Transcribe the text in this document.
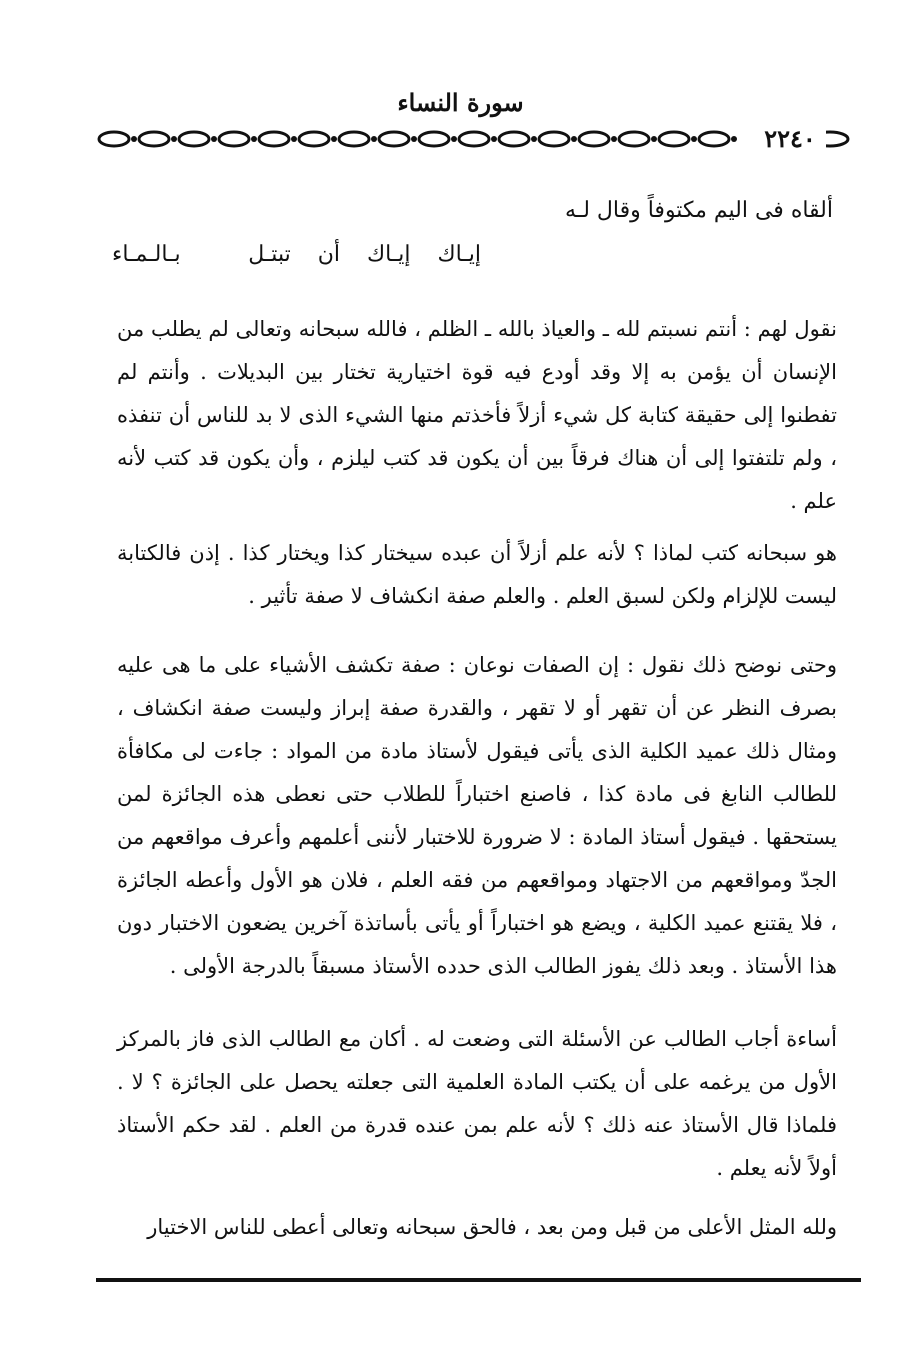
سورة النساء
٢٢٤٠
ألقاه فى اليم مكتوفاً وقال لـه
إيـاك إيـاك أن تبتـل
بـالـمـاء

نقول لهم : أنتم نسبتم لله ـ والعياذ بالله ـ الظلم ، فالله سبحانه وتعالى لم يطلب من الإنسان أن يؤمن به إلا وقد أودع فيه قوة اختيارية تختار بين البديلات . وأنتم لم تفطنوا إلى حقيقة كتابة كل شيء أزلاً فأخذتم منها الشيء الذى لا بد للناس أن تنفذه ، ولم تلتفتوا إلى أن هناك فرقاً بين أن يكون قد كتب ليلزم ، وأن يكون قد كتب لأنه علم .

هو سبحانه كتب لماذا ؟ لأنه علم أزلاً أن عبده سيختار كذا ويختار كذا . إذن فالكتابة ليست للإلزام ولكن لسبق العلم . والعلم صفة انكشاف لا صفة تأثير .

وحتى نوضح ذلك نقول : إن الصفات نوعان : صفة تكشف الأشياء على ما هى عليه بصرف النظر عن أن تقهر أو لا تقهر ، والقدرة صفة إبراز وليست صفة انكشاف ، ومثال ذلك عميد الكلية الذى يأتى فيقول لأستاذ مادة من المواد : جاءت لى مكافأة للطالب النابغ فى مادة كذا ، فاصنع اختباراً للطلاب حتى نعطى هذه الجائزة لمن يستحقها . فيقول أستاذ المادة : لا ضرورة للاختبار لأننى أعلمهم وأعرف مواقعهم من الجدّ ومواقعهم من الاجتهاد ومواقعهم من فقه العلم ، فلان هو الأول وأعطه الجائزة ، فلا يقتنع عميد الكلية ، ويضع هو اختباراً أو يأتى بأساتذة آخرين يضعون الاختبار دون هذا الأستاذ . وبعد ذلك يفوز الطالب الذى حدده الأستاذ مسبقاً بالدرجة الأولى .

أساءة أجاب الطالب عن الأسئلة التى وضعت له . أكان مع الطالب الذى فاز بالمركز الأول من يرغمه على أن يكتب المادة العلمية التى جعلته يحصل على الجائزة ؟ لا . فلماذا قال الأستاذ عنه ذلك ؟ لأنه علم بمن عنده قدرة من العلم . لقد حكم الأستاذ أولاً لأنه يعلم .

ولله المثل الأعلى من قبل ومن بعد ، فالحق سبحانه وتعالى أعطى للناس الاختيار
